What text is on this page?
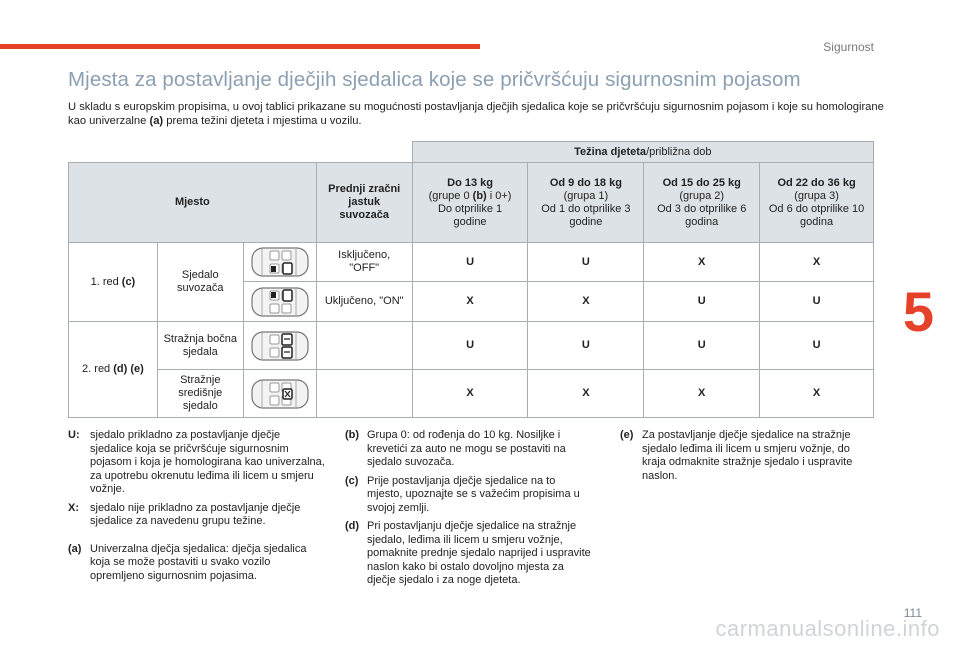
Sigurnost
5
Mjesta za postavljanje dječjih sjedalica koje se pričvršćuju sigurnosnim pojasom
U skladu s europskim propisima, u ovoj tablici prikazane su mogućnosti postavljanja dječjih sjedalica koje se pričvršćuju sigurnosnim pojasom i koje su homologirane kao univerzalne (a) prema težini djeteta i mjestima u vozilu.
				Težina djeteta/približna dob			
Mjesto			Prednji zračni jastuk suvozača	Do 13 kg
(grupe 0 (b) i 0+)
Do otprilike 1 godine	Od 9 do 18 kg
(grupa 1)
Od 1 do otprilike 3 godine	Od 15 do 25 kg
(grupa 2)
Od 3 do otprilike 6 godina	Od 22 do 36 kg
(grupa 3)
Od 6 do otprilike 10 godina
1. red (c)	Sjedalo suvozača		Isključeno, "OFF"	U	U	X	X
	Uključeno, "ON"	X	X	U	U
2. red (d) (e)	Stražnja bočna sjedala			U	U	U	U
	Stražnje središnje sjedalo			X	X	X	X
U: sjedalo prikladno za postavljanje dječje sjedalice koja se pričvršćuje sigurnosnim pojasom i koja je homologirana kao univerzalna, za upotrebu okrenutu leđima ili licem u smjeru vožnje.
X:	sjedalo nije prikladno za postavljanje dječje sjedalice za navedenu grupu težine.
(a) Univerzalna dječja sjedalica: dječja sjedalica koja se može postaviti u svako vozilo opremljeno sigurnosnim pojasima.
(b) Grupa 0: od rođenja do 10 kg. Nosiljke i krevetići za auto ne mogu se postaviti na sjedalo suvozača.
(c) Prije postavljanja dječje sjedalice na to mjesto, upoznajte se s važećim propisima u svojoj zemlji.
(d) Pri postavljanju dječje sjedalice na stražnje sjedalo, leđima ili licem u smjeru vožnje, pomaknite prednje sjedalo naprijed i uspravite naslon kako bi ostalo dovoljno mjesta za dječje sjedalo i za noge djeteta.
(e) Za postavljanje dječje sjedalice na stražnje sjedalo leđima ili licem u smjeru vožnje, do kraja odmaknite stražnje sjedalo i uspravite naslon.
111
carmanualsonline.info
